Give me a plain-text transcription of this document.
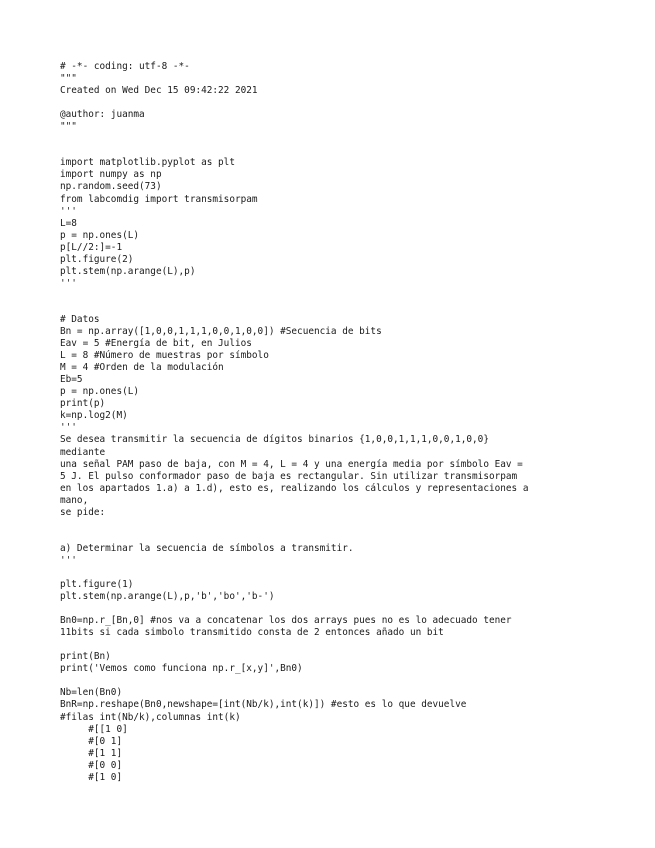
# -*- coding: utf-8 -*-
"""
Created on Wed Dec 15 09:42:22 2021
@author: juanma
"""
import matplotlib.pyplot as plt
import numpy as np
np.random.seed(73)
from labcomdig import transmisorpam
'''
L=8
p = np.ones(L)
p[L//2:]=-1
plt.figure(2)
plt.stem(np.arange(L),p)
'''
# Datos
Bn = np.array([1,0,0,1,1,1,0,0,1,0,0]) #Secuencia de bits
Eav = 5 #Energía de bit, en Julios
L = 8 #Número de muestras por símbolo
M = 4 #Orden de la modulación
Eb=5
p = np.ones(L)
print(p)
k=np.log2(M)
'''
Se desea transmitir la secuencia de dígitos binarios {1,0,0,1,1,1,0,0,1,0,0}
mediante
una señal PAM paso de baja, con M = 4, L = 4 y una energía media por símbolo Eav =
5 J. El pulso conformador paso de baja es rectangular. Sin utilizar transmisorpam
en los apartados 1.a) a 1.d), esto es, realizando los cálculos y representaciones a
mano,
se pide:
a) Determinar la secuencia de símbolos a transmitir.
'''
plt.figure(1)
plt.stem(np.arange(L),p,'b','bo','b-')
Bn0=np.r_[Bn,0] #nos va a concatenar los dos arrays pues no es lo adecuado tener
11bits si cada simbolo transmitido consta de 2 entonces añado un bit
print(Bn)
print('Vemos como funciona np.r_[x,y]',Bn0)
Nb=len(Bn0)
BnR=np.reshape(Bn0,newshape=[int(Nb/k),int(k)]) #esto es lo que devuelve
#filas int(Nb/k),columnas int(k)
#[[1 0]
#[0 1]
#[1 1]
#[0 0]
#[1 0]
